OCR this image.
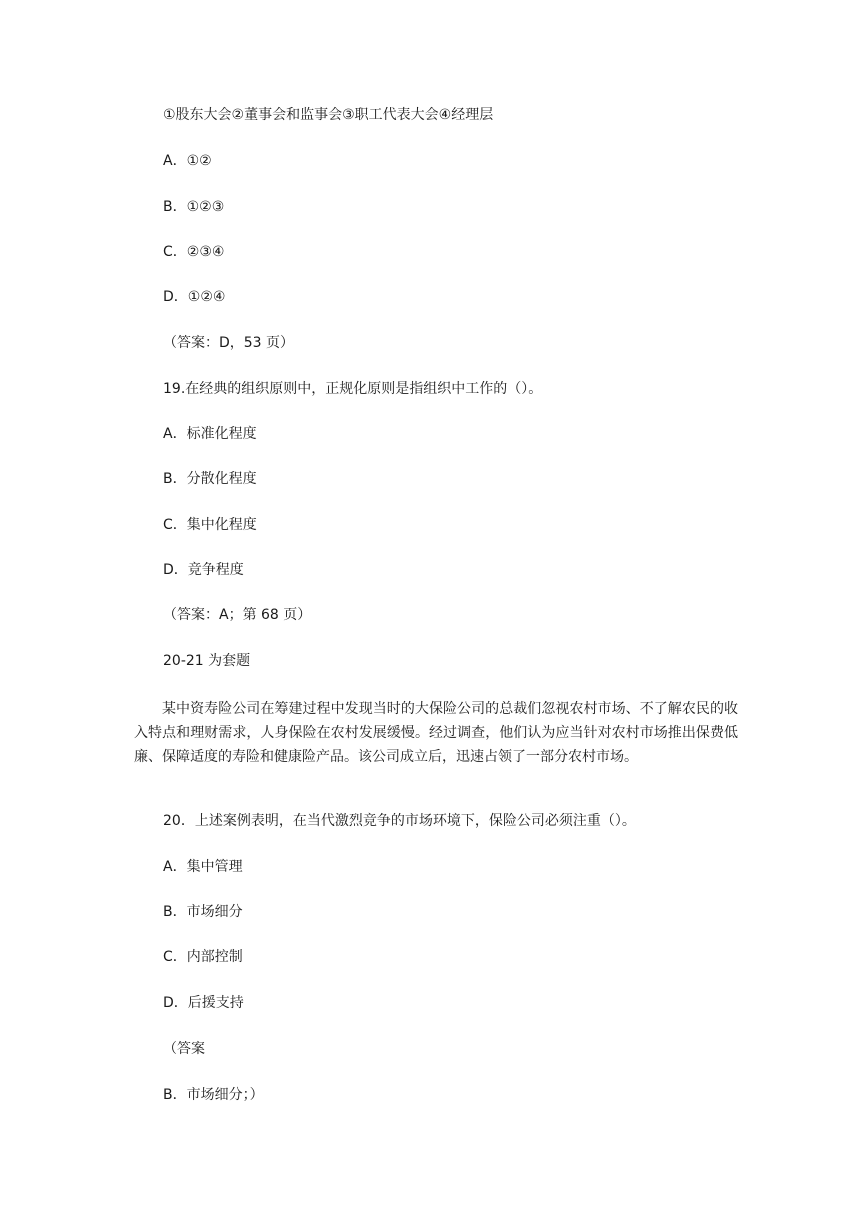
①股东大会②董事会和监事会③职工代表大会④经理层
A．①②
B．①②③
C．②③④
D．①②④
（答案：D，53 页）
19.在经典的组织原则中，正规化原则是指组织中工作的（）。
A．标准化程度
B．分散化程度
C．集中化程度
D．竞争程度
（答案：A；第 68 页）
20-21 为套题
某中资寿险公司在筹建过程中发现当时的大保险公司的总裁们忽视农村市场、不了解农民的收入特点和理财需求，人身保险在农村发展缓慢。经过调查，他们认为应当针对农村市场推出保费低廉、保障适度的寿险和健康险产品。该公司成立后，迅速占领了一部分农村市场。
20．上述案例表明，在当代激烈竞争的市场环境下，保险公司必须注重（）。
A．集中管理
B．市场细分
C．内部控制
D．后援支持
（答案
B．市场细分；）
